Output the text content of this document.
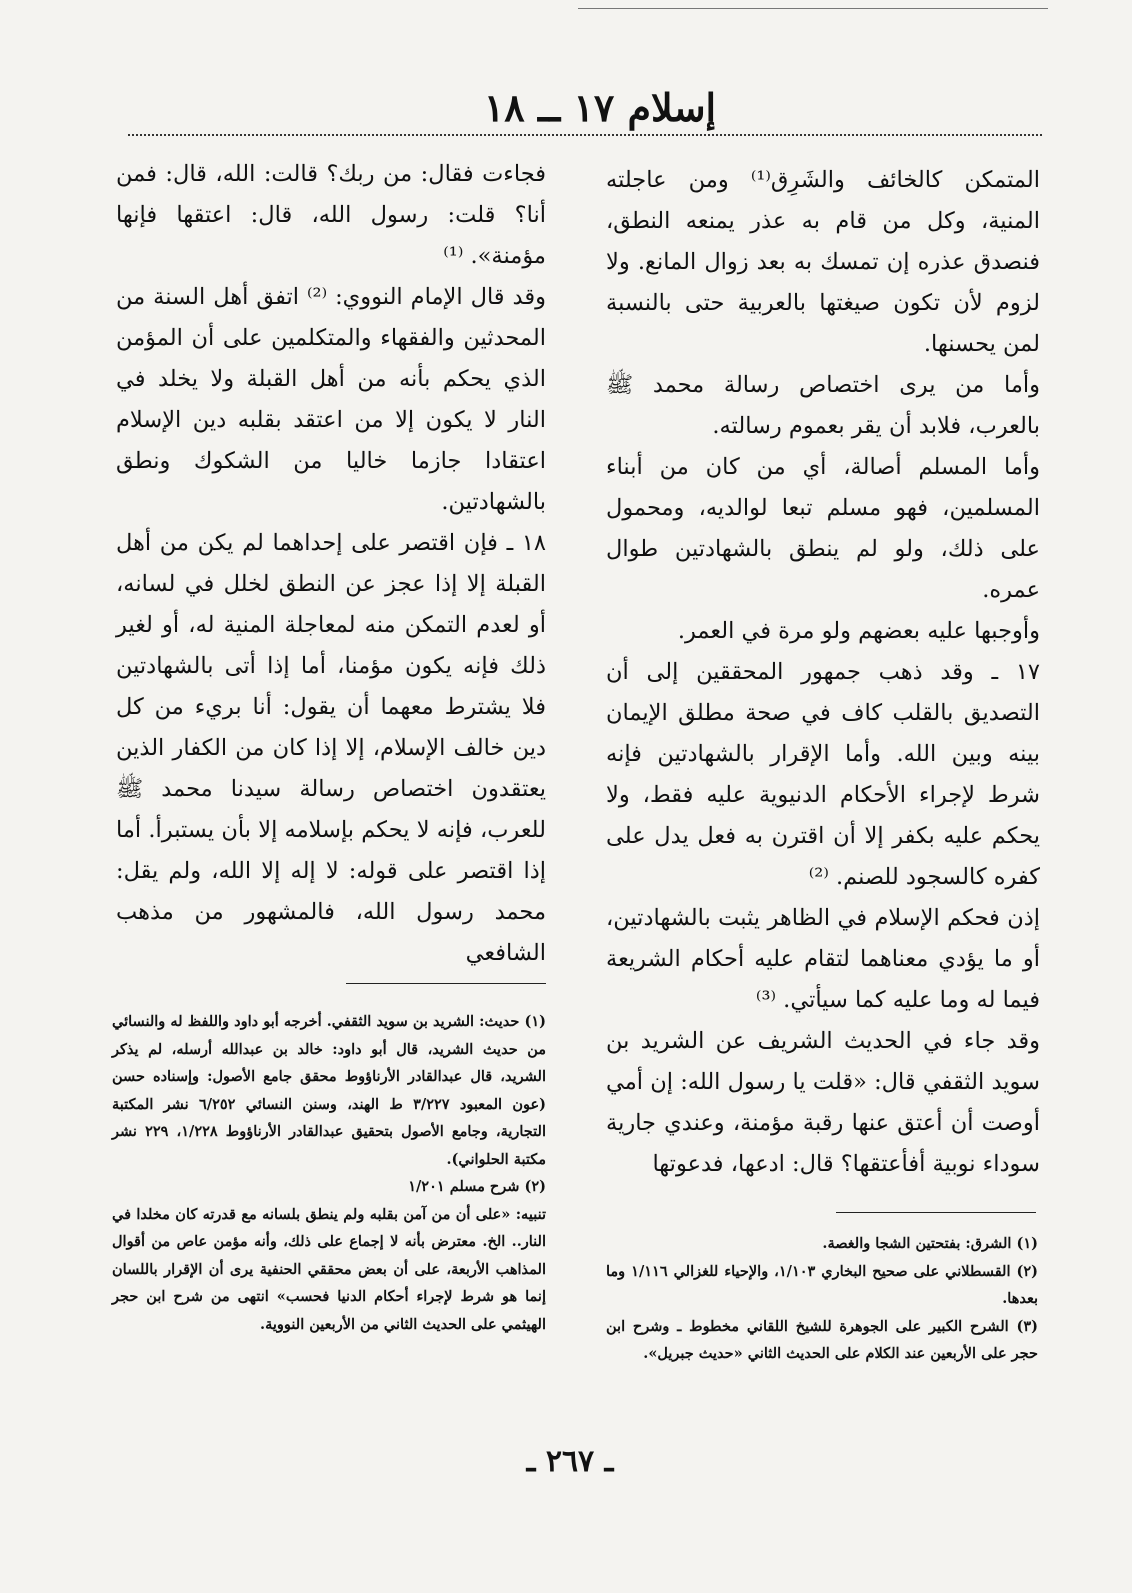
إسلام ١٧ ــ ١٨

المتمكن كالخائف والشَرِق⁽¹⁾ ومن عاجلته المنية، وكل من قام به عذر يمنعه النطق، فنصدق عذره إن تمسك به بعد زوال المانع. ولا لزوم لأن تكون صيغتها بالعربية حتى بالنسبة لمن يحسنها.

وأما من يرى اختصاص رسالة محمد ﷺ بالعرب، فلابد أن يقر بعموم رسالته.

وأما المسلم أصالة، أي من كان من أبناء المسلمين، فهو مسلم تبعا لوالديه، ومحمول على ذلك، ولو لم ينطق بالشهادتين طوال عمره.

وأوجبها عليه بعضهم ولو مرة في العمر.

١٧ ـ وقد ذهب جمهور المحققين إلى أن التصديق بالقلب كاف في صحة مطلق الإيمان بينه وبين الله. وأما الإقرار بالشهادتين فإنه شرط لإجراء الأحكام الدنيوية عليه فقط، ولا يحكم عليه بكفر إلا أن اقترن به فعل يدل على كفره كالسجود للصنم. ⁽²⁾

إذن فحكم الإسلام في الظاهر يثبت بالشهادتين، أو ما يؤدي معناهما لتقام عليه أحكام الشريعة فيما له وما عليه كما سيأتي. ⁽³⁾

وقد جاء في الحديث الشريف عن الشريد بن سويد الثقفي قال: «قلت يا رسول الله: إن أمي أوصت أن أعتق عنها رقبة مؤمنة، وعندي جارية سوداء نوبية أفأعتقها؟ قال: ادعها، فدعوتها

فجاءت فقال: من ربك؟ قالت: الله، قال: فمن أنا؟ قلت: رسول الله، قال: اعتقها فإنها مؤمنة». ⁽¹⁾

وقد قال الإمام النووي: ⁽²⁾ اتفق أهل السنة من المحدثين والفقهاء والمتكلمين على أن المؤمن الذي يحكم بأنه من أهل القبلة ولا يخلد في النار لا يكون إلا من اعتقد بقلبه دين الإسلام اعتقادا جازما خاليا من الشكوك ونطق بالشهادتين.

١٨ ـ فإن اقتصر على إحداهما لم يكن من أهل القبلة إلا إذا عجز عن النطق لخلل في لسانه، أو لعدم التمكن منه لمعاجلة المنية له، أو لغير ذلك فإنه يكون مؤمنا، أما إذا أتى بالشهادتين فلا يشترط معهما أن يقول: أنا بريء من كل دين خالف الإسلام، إلا إذا كان من الكفار الذين يعتقدون اختصاص رسالة سيدنا محمد ﷺ للعرب، فإنه لا يحكم بإسلامه إلا بأن يستبرأ. أما إذا اقتصر على قوله: لا إله إلا الله، ولم يقل: محمد رسول الله، فالمشهور من مذهب الشافعي

(١) حديث: الشريد بن سويد الثقفي. أخرجه أبو داود واللفظ له والنسائي من حديث الشريد، قال أبو داود: خالد بن عبدالله أرسله، لم يذكر الشريد، قال عبدالقادر الأرناؤوط محقق جامع الأصول: وإسناده حسن (عون المعبود ٣/٢٢٧ ط الهند، وسنن النسائي ٦/٢٥٢ نشر المكتبة التجارية، وجامع الأصول بتحقيق عبدالقادر الأرناؤوط ١/٢٢٨، ٢٢٩ نشر مكتبة الحلواني).

(٢) شرح مسلم ١/٢٠١

تنبيه: «على أن من آمن بقلبه ولم ينطق بلسانه مع قدرته كان مخلدا في النار.. الخ. معترض بأنه لا إجماع على ذلك، وأنه مؤمن عاص من أقوال المذاهب الأربعة، على أن بعض محققي الحنفية يرى أن الإقرار باللسان إنما هو شرط لإجراء أحكام الدنيا فحسب» انتهى من شرح ابن حجر الهيثمي على الحديث الثاني من الأربعين النووية.

(١) الشرق: بفتحتين الشجا والغصة.

(٢) القسطلاني على صحيح البخاري ١/١٠٣، والإحياء للغزالي ١/١١٦ وما بعدها.

(٣) الشرح الكبير على الجوهرة للشيخ اللقاني مخطوط ـ وشرح ابن حجر على الأربعين عند الكلام على الحديث الثاني «حديث جبريل».

ـ ٢٦٧ ـ
